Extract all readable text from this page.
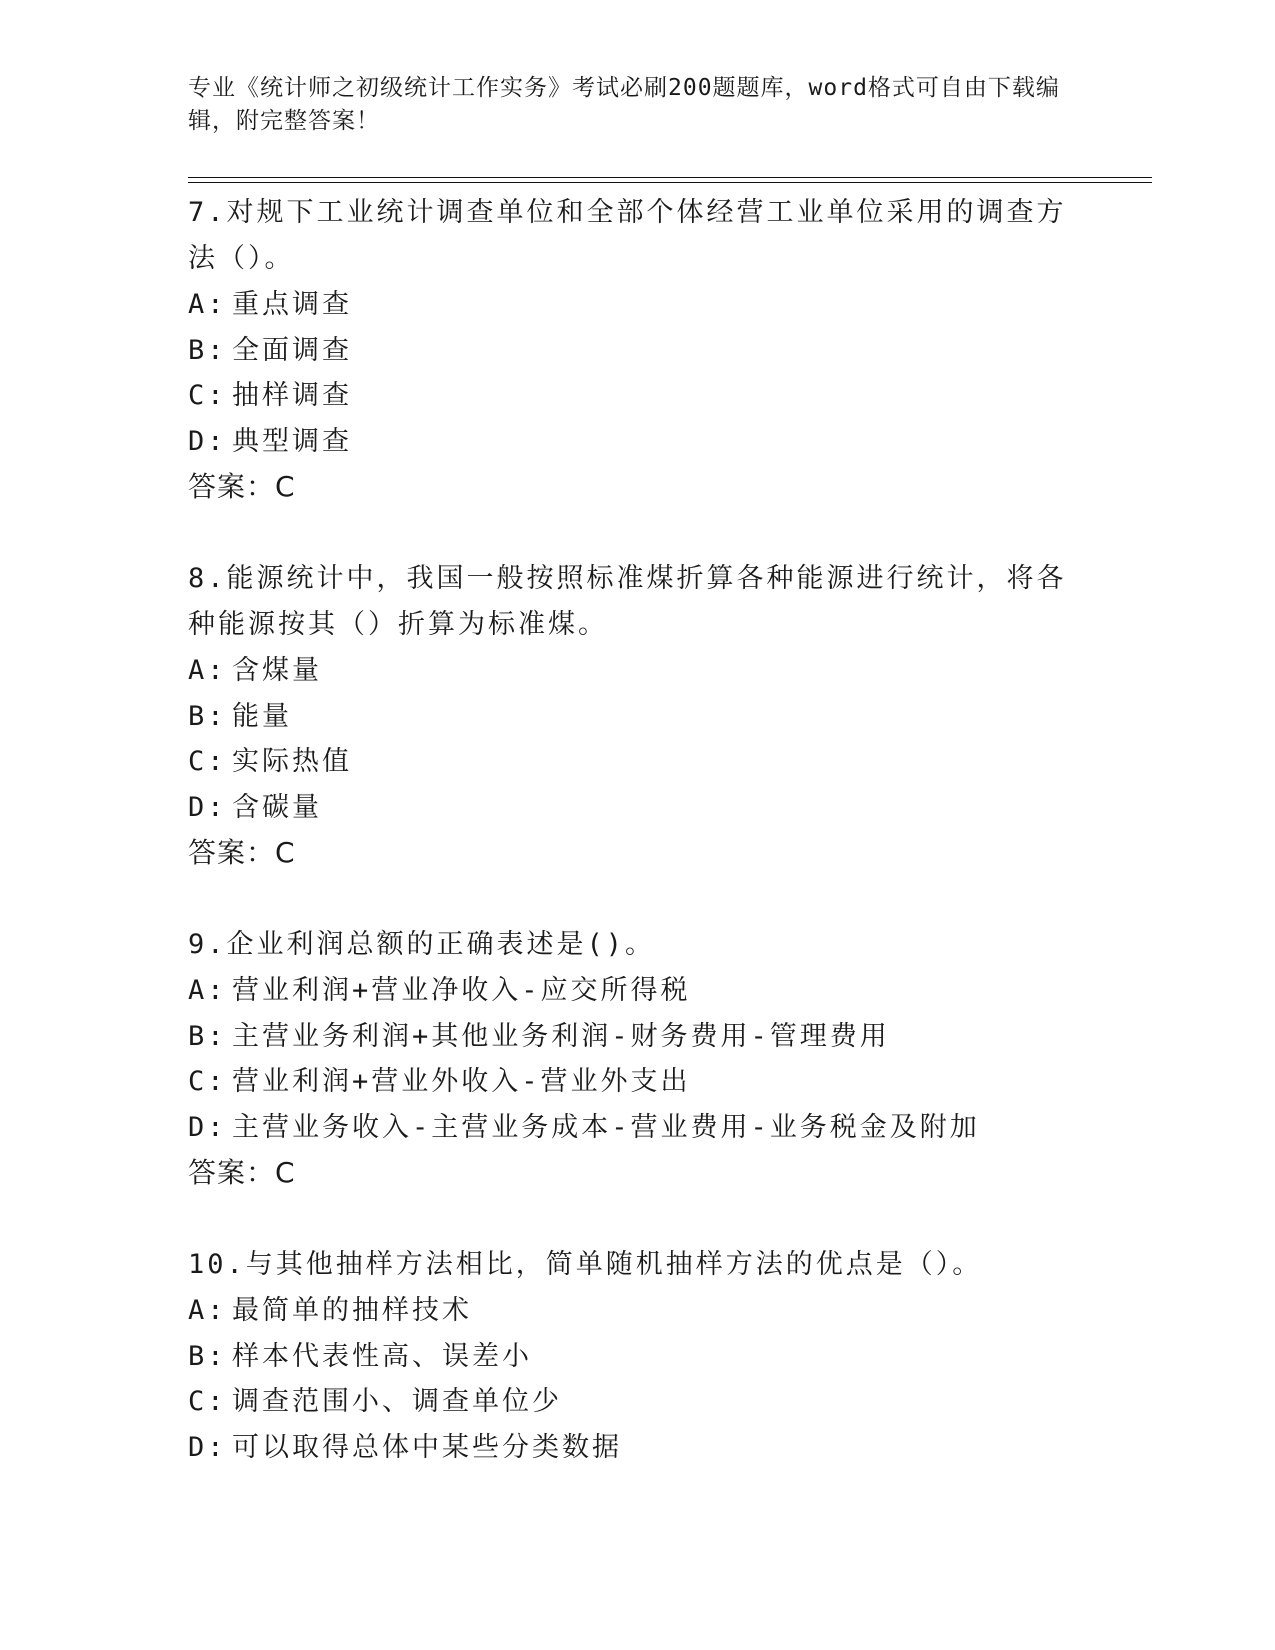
专业《统计师之初级统计工作实务》考试必刷200题题库，word格式可自由下载编辑，附完整答案！
7.对规下工业统计调查单位和全部个体经营工业单位采用的调查方法（）。
A: 重点调查
B: 全面调查
C: 抽样调查
D: 典型调查
答案：C
8.能源统计中，我国一般按照标准煤折算各种能源进行统计，将各种能源按其（）折算为标准煤。
A: 含煤量
B: 能量
C: 实际热值
D: 含碳量
答案：C
9.企业利润总额的正确表述是()。
A: 营业利润+营业净收入-应交所得税
B: 主营业务利润+其他业务利润-财务费用-管理费用
C: 营业利润+营业外收入-营业外支出
D: 主营业务收入-主营业务成本-营业费用-业务税金及附加
答案：C
10.与其他抽样方法相比，简单随机抽样方法的优点是（）。
A: 最简单的抽样技术
B: 样本代表性高、误差小
C: 调查范围小、调查单位少
D: 可以取得总体中某些分类数据
